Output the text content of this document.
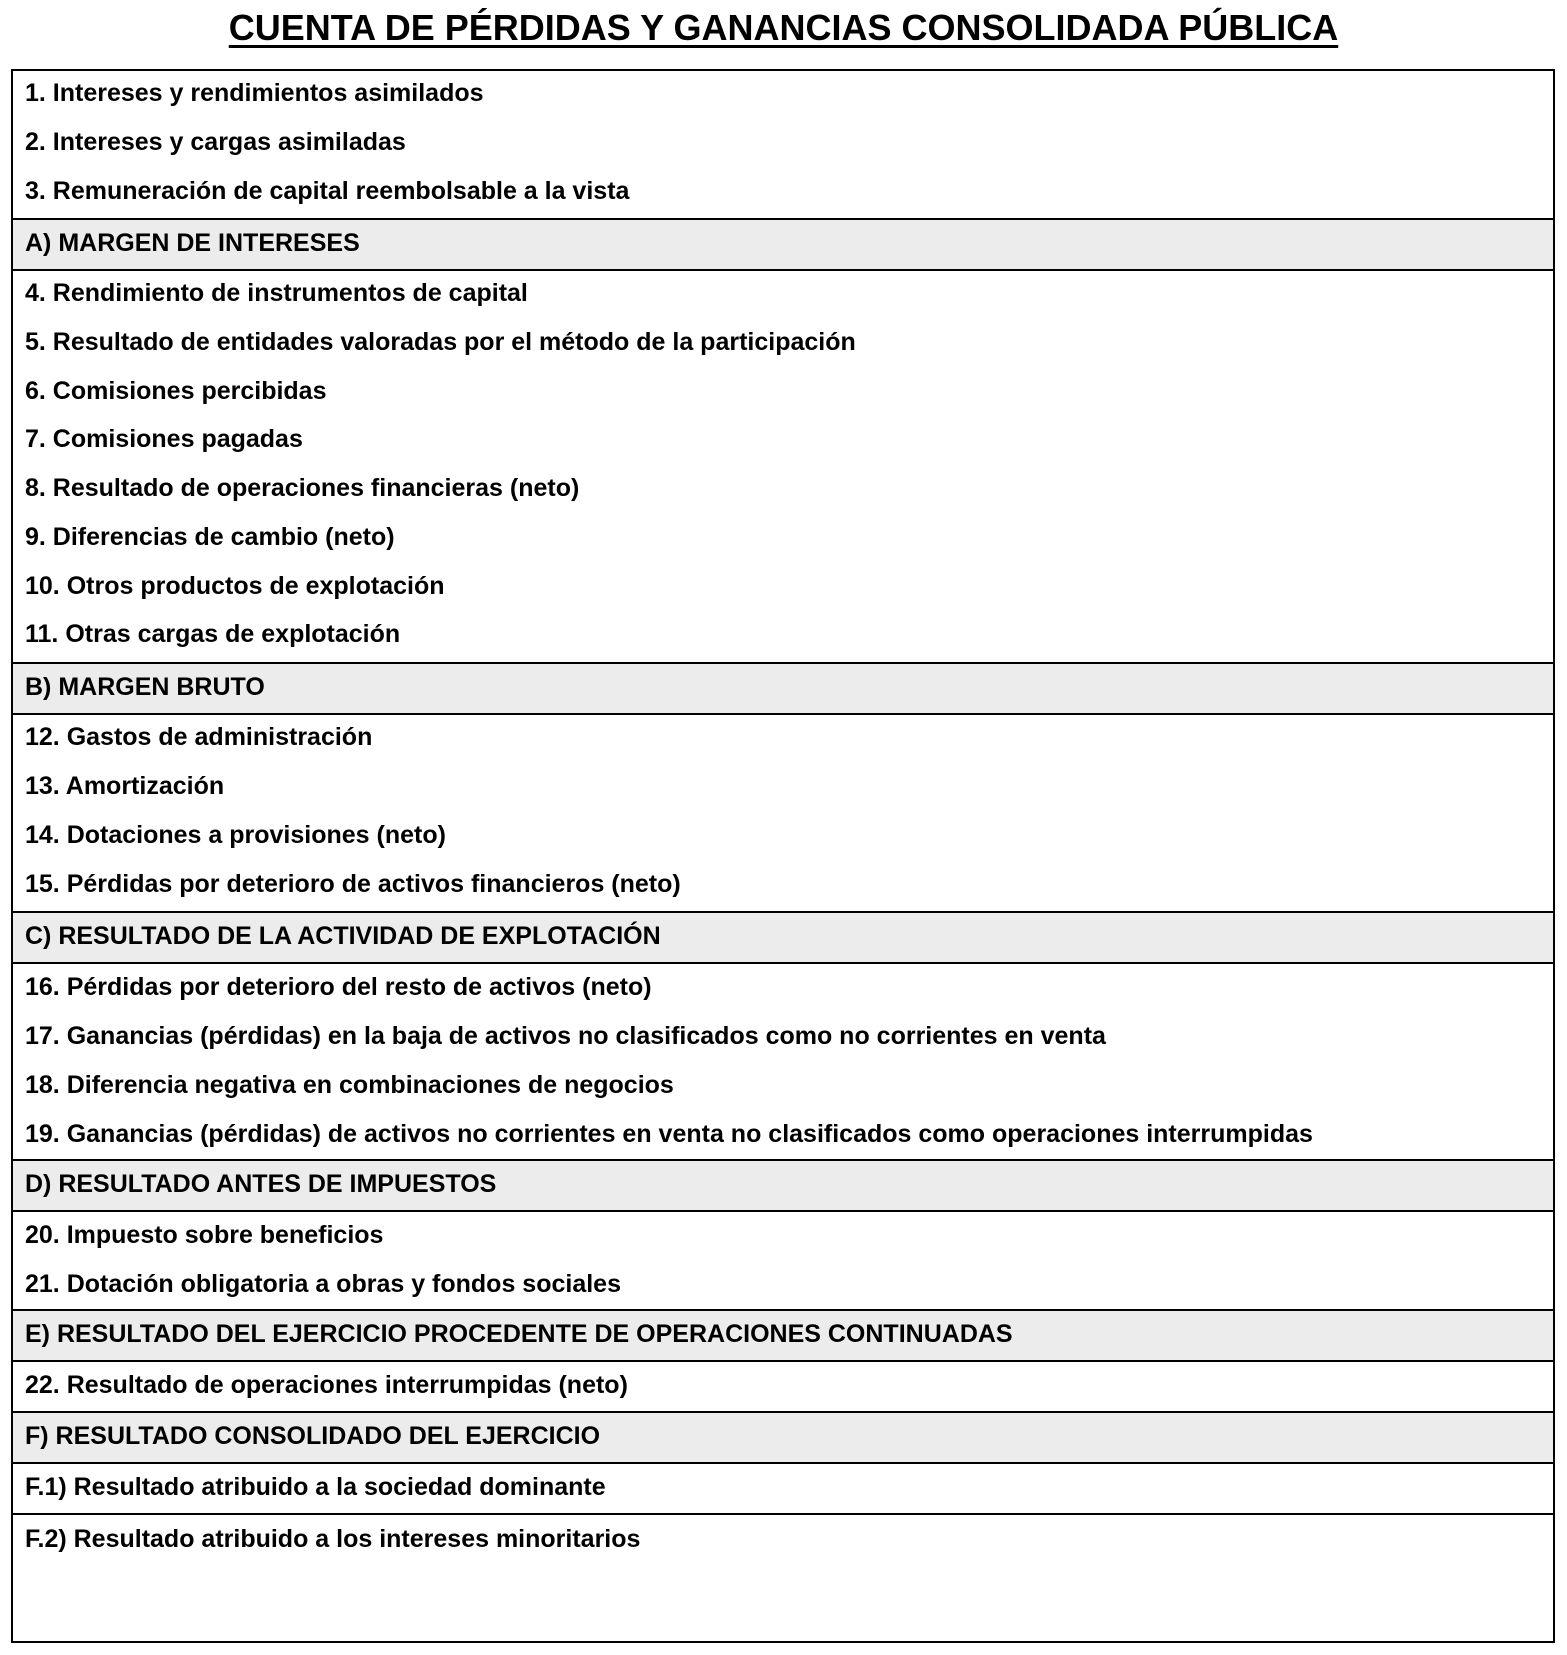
CUENTA DE PÉRDIDAS Y GANANCIAS CONSOLIDADA PÚBLICA
1. Intereses y rendimientos asimilados
2. Intereses y cargas asimiladas
3. Remuneración de capital reembolsable a la vista
A) MARGEN DE INTERESES
4. Rendimiento de instrumentos de capital
5. Resultado de entidades valoradas por el método de la participación
6. Comisiones percibidas
7. Comisiones pagadas
8. Resultado de operaciones financieras (neto)
9. Diferencias de cambio (neto)
10. Otros productos de explotación
11. Otras cargas de explotación
B) MARGEN BRUTO
12. Gastos de administración
13. Amortización
14. Dotaciones a provisiones (neto)
15. Pérdidas por deterioro de activos financieros (neto)
C) RESULTADO DE LA ACTIVIDAD DE EXPLOTACIÓN
16. Pérdidas por deterioro del resto de activos (neto)
17. Ganancias (pérdidas) en la baja de activos no clasificados como no corrientes en venta
18. Diferencia negativa en combinaciones de negocios
19. Ganancias (pérdidas) de activos no corrientes en venta no clasificados como operaciones interrumpidas
D) RESULTADO ANTES DE IMPUESTOS
20. Impuesto sobre beneficios
21. Dotación obligatoria a obras y fondos sociales
E) RESULTADO DEL EJERCICIO PROCEDENTE DE OPERACIONES CONTINUADAS
22. Resultado de operaciones interrumpidas (neto)
F) RESULTADO CONSOLIDADO DEL EJERCICIO
F.1) Resultado atribuido a la sociedad dominante
F.2) Resultado atribuido a los intereses minoritarios
